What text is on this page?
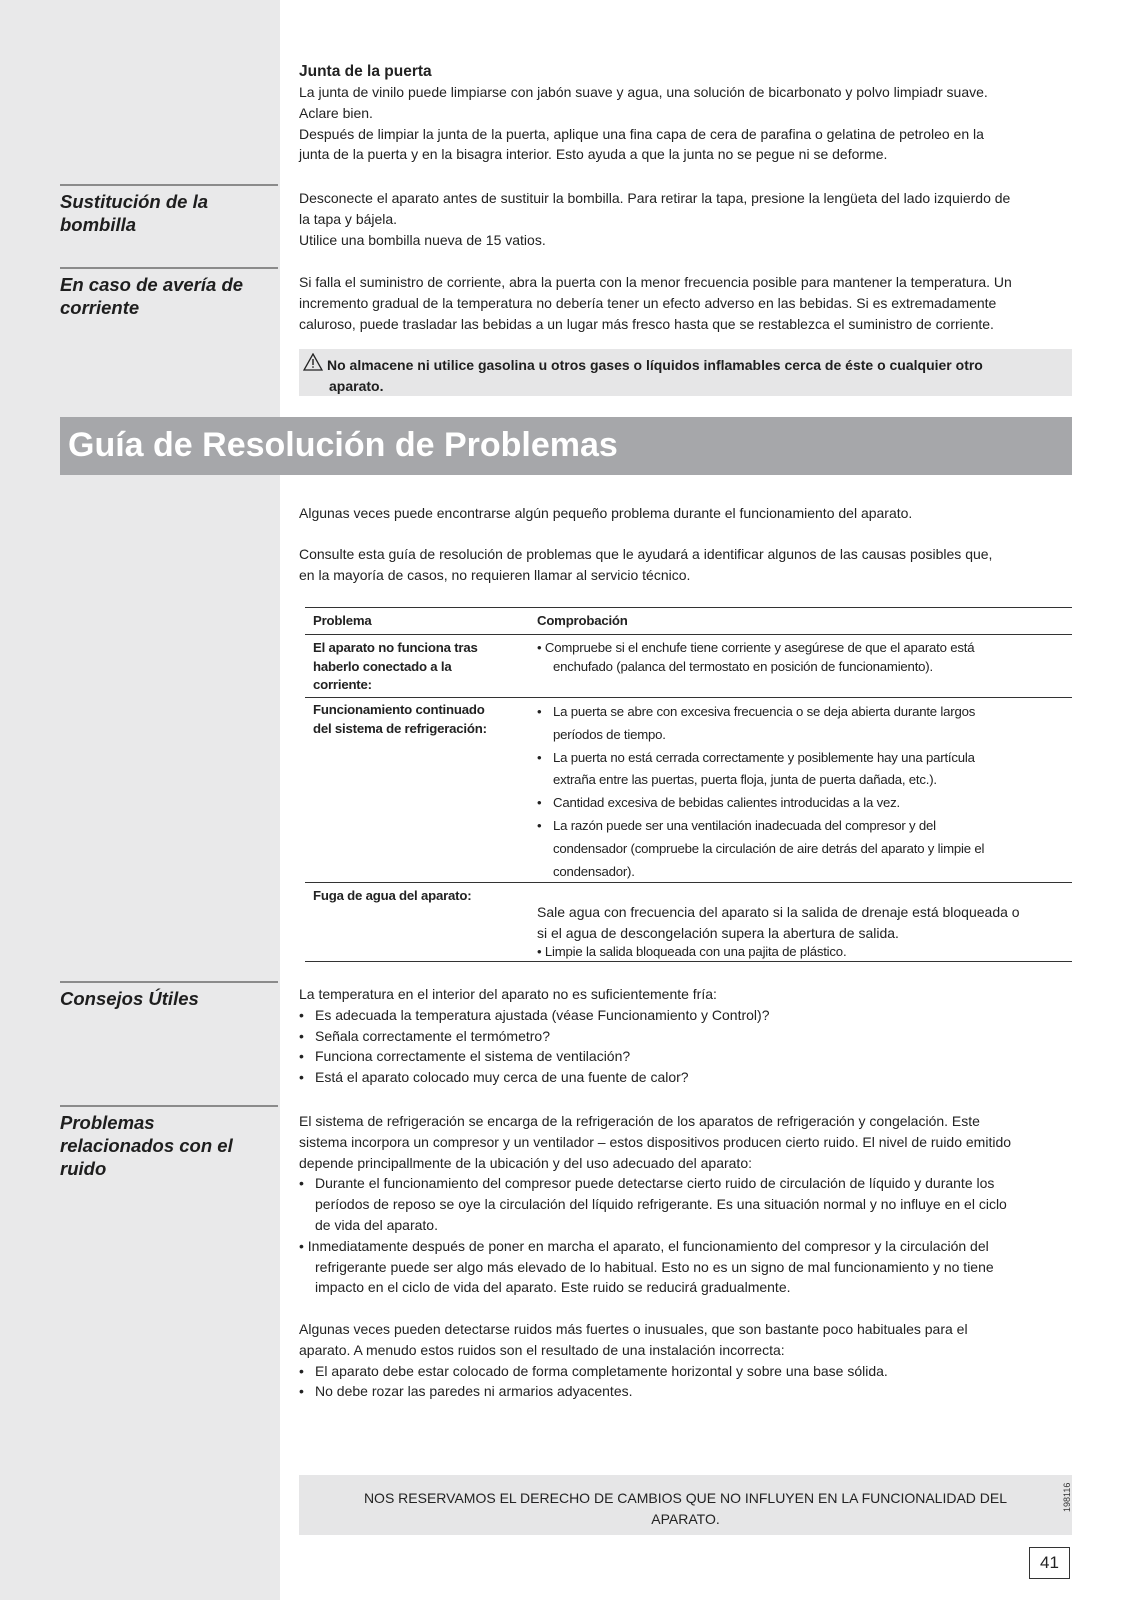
Junta de la puerta
La junta de vinilo puede limpiarse con jabón suave y agua, una solución de bicarbonato y polvo limpiadr suave.
Aclare bien.
Después de limpiar la junta de la puerta, aplique una fina capa de cera de parafina o gelatina de petroleo en la
junta de la puerta y en la bisagra interior. Esto ayuda a que la junta no se pegue ni se deforme.
Sustitución de la
bombilla
Desconecte el aparato antes de sustituir la bombilla. Para retirar la tapa, presione la lengüeta del lado izquierdo de
la tapa y bájela.
Utilice una bombilla nueva de 15 vatios.
En caso de avería de
corriente
Si falla el suministro de corriente, abra la puerta con la menor frecuencia posible para mantener la temperatura. Un
incremento gradual de la temperatura no debería tener un efecto adverso en las bebidas. Si es extremadamente
caluroso, puede trasladar las bebidas a un lugar más fresco hasta que se restablezca el suministro de corriente.
No almacene ni utilice gasolina u otros gases o líquidos inflamables cerca de éste o cualquier otro
aparato.
Guía de Resolución de Problemas
Algunas veces puede encontrarse algún pequeño problema durante el funcionamiento del aparato.
Consulte esta guía de resolución de problemas que le ayudará a identificar algunos de las causas posibles que,
en la mayoría de casos, no requieren llamar al servicio técnico.
Problema	Comprobación
El aparato no funciona tras
haberlo conectado a la
corriente:
• Compruebe si el enchufe tiene corriente y asegúrese de que el aparato está
enchufado (palanca del termostato en posición de funcionamiento).
Funcionamiento continuado
del sistema de refrigeración:
• La puerta se abre con excesiva frecuencia o se deja abierta durante largos
períodos de tiempo.
• La puerta no está cerrada correctamente y posiblemente hay una partícula
extraña entre las puertas, puerta floja, junta de puerta dañada, etc.).
• Cantidad excesiva de bebidas calientes introducidas a la vez.
• La razón puede ser una ventilación inadecuada del compresor y del
condensador (compruebe la circulación de aire detrás del aparato y limpie el
condensador).
Fuga de agua del aparato:
Sale agua con frecuencia del aparato si la salida de drenaje está bloqueada o
si el agua de descongelación supera la abertura de salida.
• Limpie la salida bloqueada con una pajita de plástico.
Consejos Útiles	La temperatura en el interior del aparato no es suficientemente fría:
• Es adecuada la temperatura ajustada (véase Funcionamiento y Control)?
• Señala correctamente el termómetro?
• Funciona correctamente el sistema de ventilación?
• Está el aparato colocado muy cerca de una fuente de calor?
Problemas
relacionados con el
ruido
El sistema de refrigeración se encarga de la refrigeración de los aparatos de refrigeración y congelación. Este
sistema incorpora un compresor y un ventilador – estos dispositivos producen cierto ruido. El nivel de ruido emitido
depende principallmente de la ubicación y del uso adecuado del aparato:
• Durante el funcionamiento del compresor puede detectarse cierto ruido de circulación de líquido y durante los
períodos de reposo se oye la circulación del líquido refrigerante. Es una situación normal y no influye en el ciclo
de vida del aparato.
• Inmediatamente después de poner en marcha el aparato, el funcionamiento del compresor y la circulación del
refrigerante puede ser algo más elevado de lo habitual. Esto no es un signo de mal funcionamiento y no tiene
impacto en el ciclo de vida del aparato. Este ruido se reducirá gradualmente.
Algunas veces pueden detectarse ruidos más fuertes o inusuales, que son bastante poco habituales para el
aparato. A menudo estos ruidos son el resultado de una instalación incorrecta:
• El aparato debe estar colocado de forma completamente horizontal y sobre una base sólida.
• No debe rozar las paredes ni armarios adyacentes.
NOS RESERVAMOS EL DERECHO DE CAMBIOS QUE NO INFLUYEN EN LA FUNCIONALIDAD DEL
APARATO.
198116
41
